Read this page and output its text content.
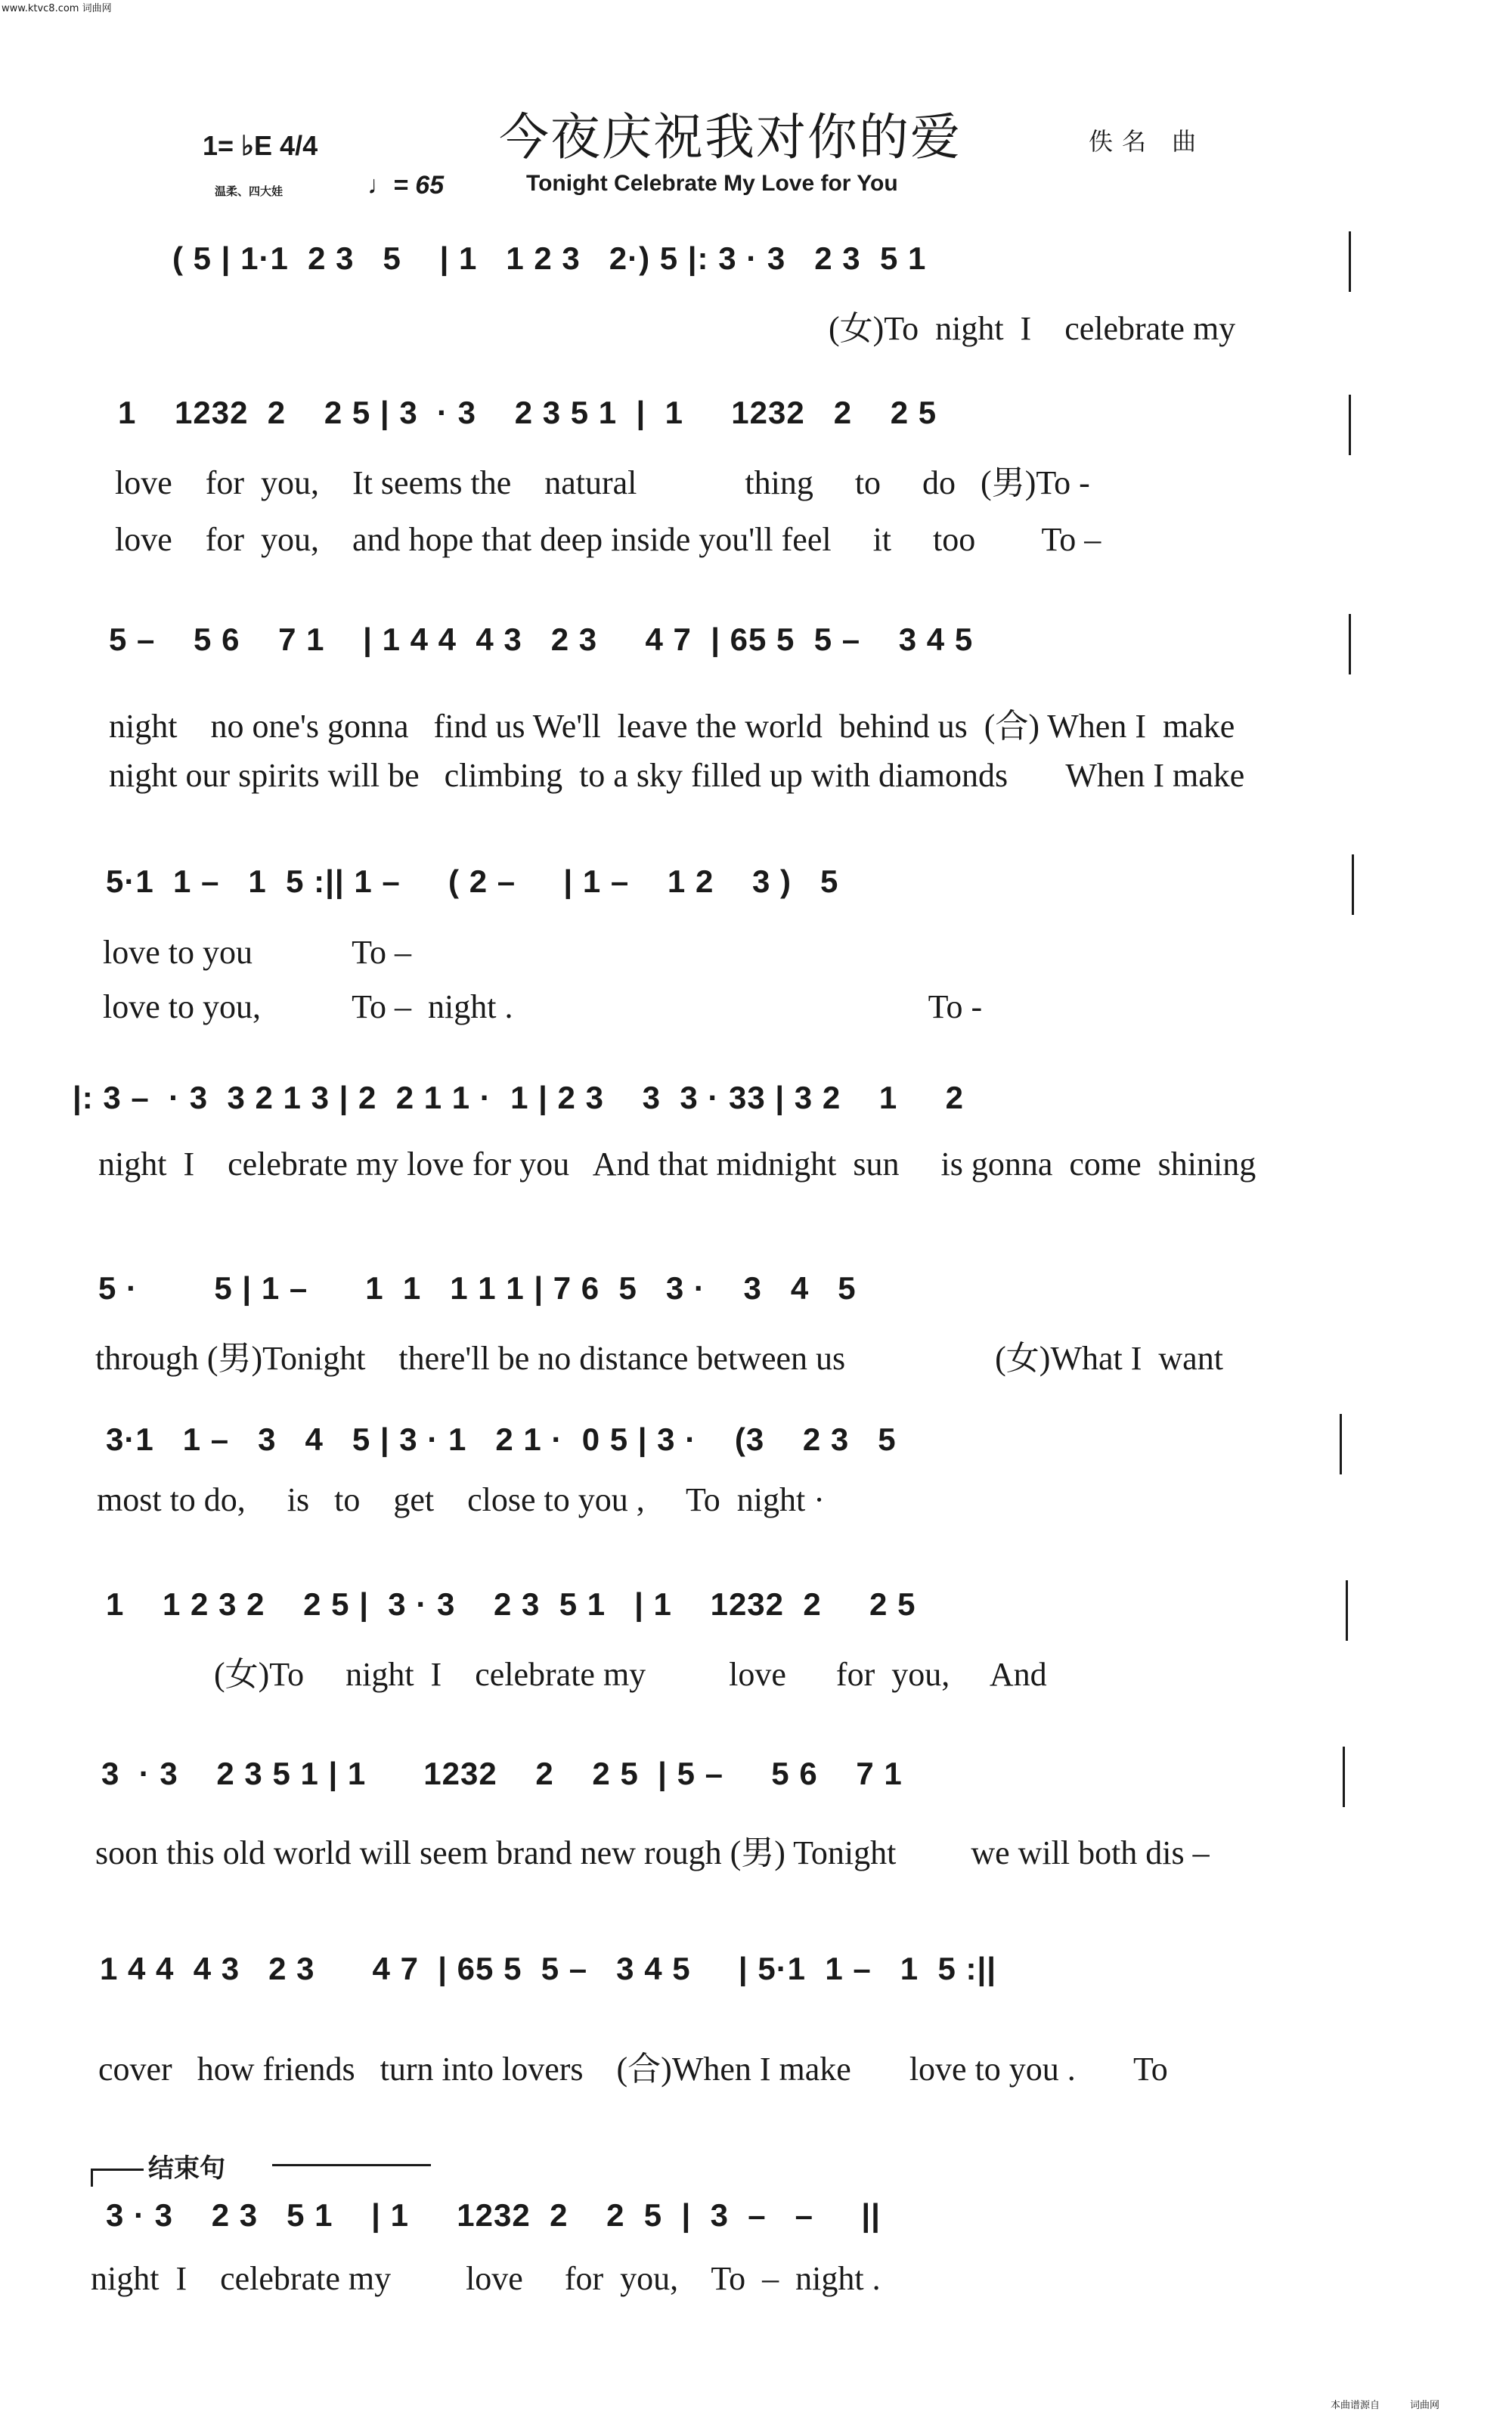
www.ktvc8.com 词曲网
1= ♭E 4/4	今夜庆祝我对你的爱	佚名 曲
温柔、四大娃	♩= 65	Tonight Celebrate My Love for You
( 5 | 1·1  2 3   5    | 1   1 2 3   2·) 5 |: 3 · 3   2 3  5 1
(女)To  night  I    celebrate my
1    1232  2    2 5 | 3  · 3    2 3 5 1  |  1     1232   2    2 5
love    for  you,    It seems the    natural             thing     to     do   (男)To -
love    for  you,    and hope that deep inside you'll feel     it     too        To –
5 –    5 6    7 1    | 1 4 4  4 3   2 3     4 7  | 65 5  5 –    3 4 5
night    no one's gonna   find us We'll  leave the world  behind us  (合) When I  make
night our spirits will be   climbing  to a sky filled up with diamonds       When I make
5·1  1 –   1  5 :|| 1 –     ( 2 –     | 1 –    1 2    3 )   5
love to you            To –
love to you,           To –  night .                                                  To -
|: 3 –  · 3  3 2 1 3 | 2  2 1 1 ·  1 | 2 3    3  3 · 33 | 3 2    1     2
night  I    celebrate my love for you   And that midnight  sun     is gonna  come  shining
5 ·        5 | 1 –      1  1   1 1 1 | 7 6  5   3 ·    3   4   5
through (男)Tonight    there'll be no distance between us                  (女)What I  want
3·1   1 –   3   4   5 | 3 · 1   2 1 ·  0 5 | 3 ·    (3    2 3   5
most to do,     is   to    get    close to you ,     To  night ·
1    1 2 3 2    2 5 |  3 · 3    2 3  5 1   | 1    1232  2     2 5
(女)To     night  I    celebrate my          love      for  you,     And
3  · 3    2 3 5 1 | 1      1232    2    2 5  | 5 –     5 6    7 1
soon this old world will seem brand new rough (男) Tonight         we will both dis –
1 4 4  4 3   2 3      4 7  | 65 5  5 –   3 4 5     | 5·1  1 –   1  5 :||
cover   how friends   turn into lovers    (合)When I make       love to you .       To
结束句
3 · 3    2 3   5 1    | 1     1232  2    2  5  |  3  –   –     ||
night  I    celebrate my         love     for  you,    To  –  night .
本曲谱源自	词曲网
